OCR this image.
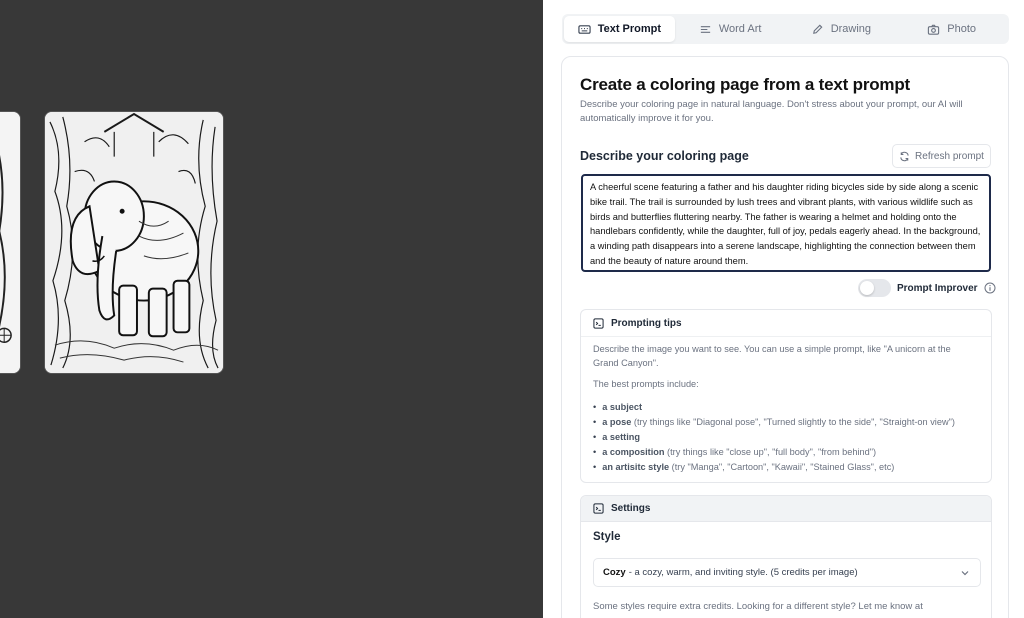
Text Prompt	Word Art	Drawing	Photo
Create a coloring page from a text prompt
Describe your coloring page in natural language. Don't stress about your prompt, our AI will automatically improve it for you.
Describe your coloring page	Refresh prompt
A cheerful scene featuring a father and his daughter riding bicycles side by side along a scenic bike trail. The trail is surrounded by lush trees and vibrant plants, with various wildlife such as birds and butterflies fluttering nearby. The father is wearing a helmet and holding onto the handlebars confidently, while the daughter, full of joy, pedals eagerly ahead. In the background, a winding path disappears into a serene landscape, highlighting the connection between them and the beauty of nature around them.
Prompt Improver
Prompting tips
Describe the image you want to see. You can use a simple prompt, like "A unicorn at the Grand Canyon".
The best prompts include:
• a subject
• a pose (try things like "Diagonal pose", "Turned slightly to the side", "Straight-on view")
• a setting
• a composition (try things like "close up", "full body", "from behind")
• an artisitc style (try "Manga", "Cartoon", "Kawaii", "Stained Glass", etc)
Settings
Style
Cozy - a cozy, warm, and inviting style. (5 credits per image)
Some styles require extra credits. Looking for a different style? Let me know at
